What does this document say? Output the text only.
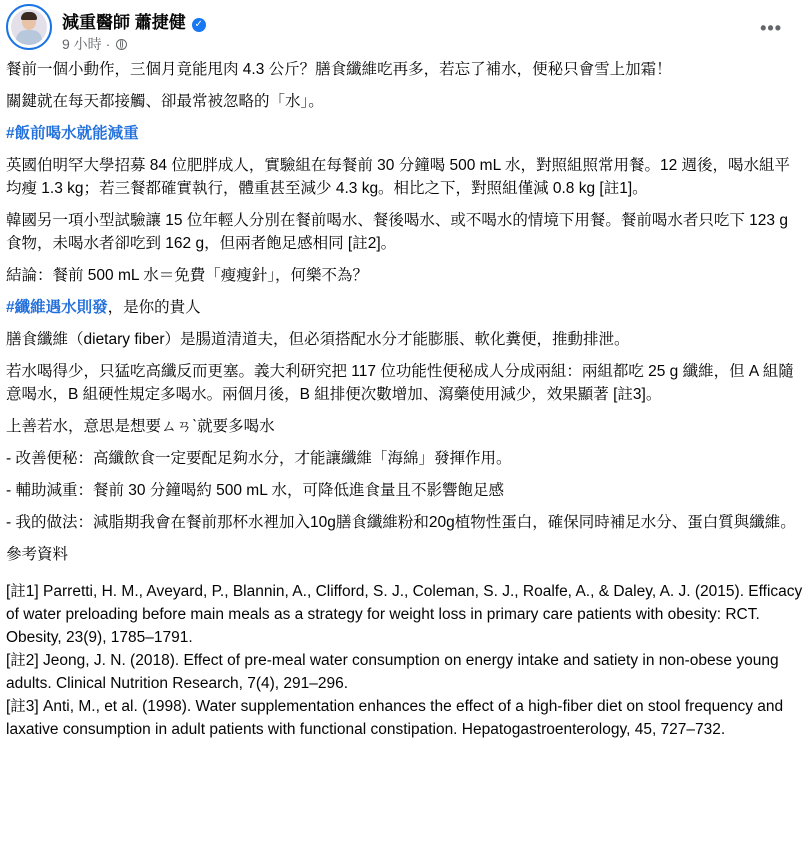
減重醫師 蕭捷健 ✓
9 小時 ·
•••

餐前一個小動作，三個月竟能甩肉 4.3 公斤？膳食纖維吃再多，若忘了補水，便秘只會雪上加霜！

關鍵就在每天都接觸、卻最常被忽略的「水」。

#飯前喝水就能減重

英國伯明罕大學招募 84 位肥胖成人，實驗組在每餐前 30 分鐘喝 500 mL 水，對照組照常用餐。12 週後，喝水組平均瘦 1.3 kg；若三餐都確實執行，體重甚至減少 4.3 kg。相比之下，對照組僅減 0.8 kg [註1]。

韓國另一項小型試驗讓 15 位年輕人分別在餐前喝水、餐後喝水、或不喝水的情境下用餐。餐前喝水者只吃下 123 g 食物，未喝水者卻吃到 162 g，但兩者飽足感相同 [註2]。

結論：餐前 500 mL 水＝免費「瘦瘦針」，何樂不為？

#纖維遇水則發，是你的貴人

膳食纖維（dietary fiber）是腸道清道夫，但必須搭配水分才能膨脹、軟化糞便，推動排泄。

若水喝得少，只猛吃高纖反而更塞。義大利研究把 117 位功能性便秘成人分成兩組：兩組都吃 25 g 纖維，但 A 組隨意喝水，B 組硬性規定多喝水。兩個月後，B 組排便次數增加、瀉藥使用減少，效果顯著 [註3]。

上善若水，意思是想要ㄙㄢˋ就要多喝水

- 改善便秘：高纖飲食一定要配足夠水分，才能讓纖維「海綿」發揮作用。

- 輔助減重：餐前 30 分鐘喝約 500 mL 水，可降低進食量且不影響飽足感

- 我的做法：減脂期我會在餐前那杯水裡加入10g膳食纖維粉和20g植物性蛋白，確保同時補足水分、蛋白質與纖維。

參考資料

[註1] Parretti, H. M., Aveyard, P., Blannin, A., Clifford, S. J., Coleman, S. J., Roalfe, A., & Daley, A. J. (2015). Efficacy of water preloading before main meals as a strategy for weight loss in primary care patients with obesity: RCT. Obesity, 23(9), 1785–1791.
[註2] Jeong, J. N. (2018). Effect of pre-meal water consumption on energy intake and satiety in non-obese young adults. Clinical Nutrition Research, 7(4), 291–296.
[註3] Anti, M., et al. (1998). Water supplementation enhances the effect of a high-fiber diet on stool frequency and laxative consumption in adult patients with functional constipation. Hepatogastroenterology, 45, 727–732.
